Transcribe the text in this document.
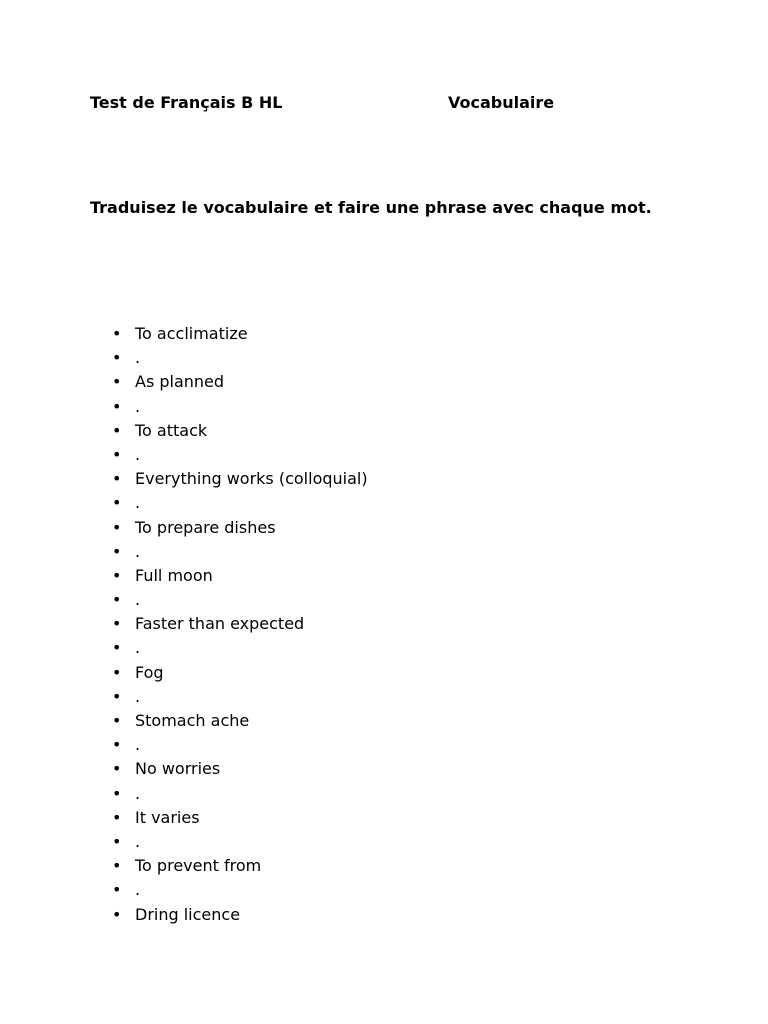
Test de Français B HL	Vocabulaire
Traduisez le vocabulaire et faire une phrase avec chaque mot.
• To acclimatize
• .
• As planned
• .
• To attack
• .
• Everything works (colloquial)
• .
• To prepare dishes
• .
• Full moon
• .
• Faster than expected
• .
• Fog
• .
• Stomach ache
• .
• No worries
• .
• It varies
• .
• To prevent from
• .
• Dring licence
